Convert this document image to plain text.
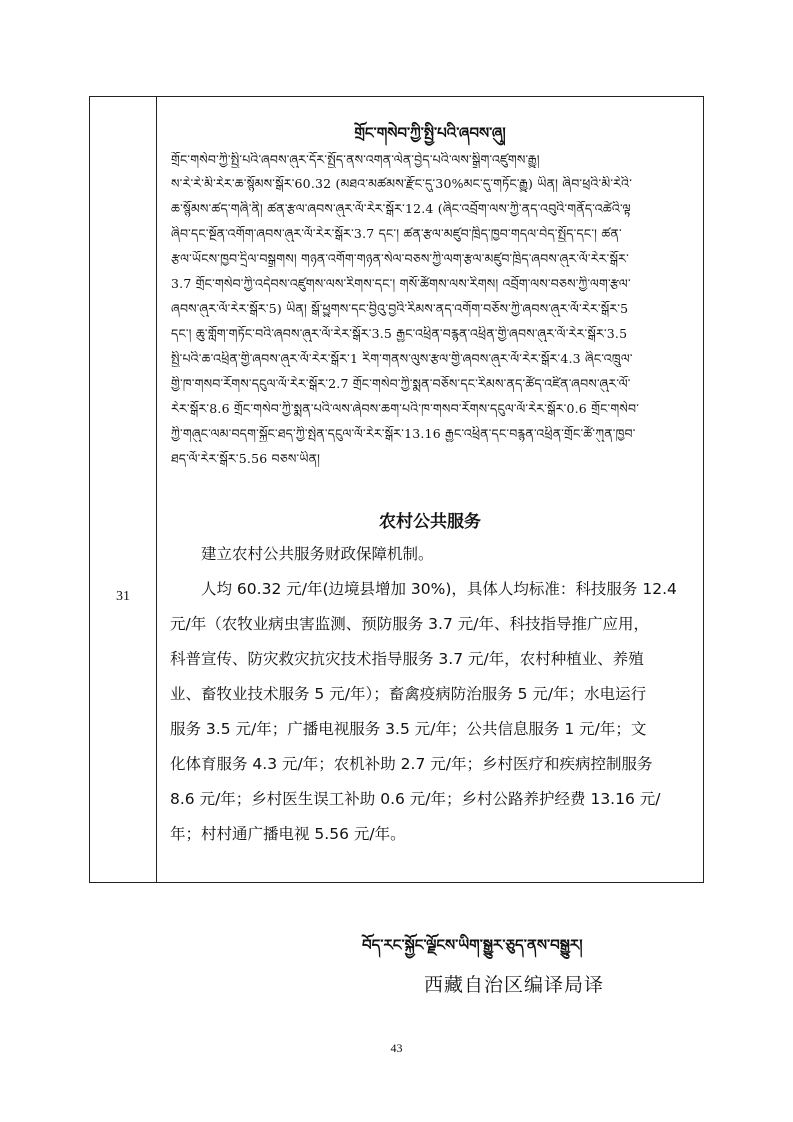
31
གྲོང་གསེབ་ཀྱི་སྤྱི་པའི་ཞབས་ཞུ།
གྲོང་གསེབ་ཀྱི་སྤྱི་པའི་ཞབས་ཞུར་དོར་སྤྱོད་ནས་འགན་ལེན་བྱེད་པའི་ལས་སྒྲིག་འཛུགས་རྒྱུ།
ས་རེ་རེ་མི་རེར་ཆ་སྙོམས་སྒོར་60.32 (མཐའ་མཚམས་རྫོང་དུ་30%མང་དུ་གཏོང་རྒྱུ) ཡིན། ཞིབ་ཕྲའི་མི་རེའི་
ཆ་སྙོམས་ཚད་གཞི་ནི། ཚན་རྩལ་ཞབས་ཞུར་ལོ་རེར་སྒོར་12.4 (ཞིང་འབྲོག་ལས་ཀྱི་ནད་འབུའི་གནོད་འཚེའི་ལྟ
ཞིབ་དང་སྔོན་འགོག་ཞབས་ཞུར་ལོ་རེར་སྒོར་3.7 དང་། ཚན་རྩལ་མཛུབ་ཁྲིད་ཁྱབ་གདལ་བེད་སྤྱོད་དང་། ཚན་
རྩལ་ཡོངས་ཁྱབ་དྲིལ་བསྒྲགས། གཉན་འགོག་གཉན་སེལ་བཅས་ཀྱི་ལག་རྩལ་མཛུབ་ཁྲིད་ཞབས་ཞུར་ལོ་རེར་སྒོར་
3.7 གྲོང་གསེབ་ཀྱི་འདེབས་འཛུགས་ལས་རིགས་དང་། གསོ་ཚོགས་ལས་རིགས། འབྲོག་ལས་བཅས་ཀྱི་ལག་རྩལ་
ཞབས་ཞུར་ལོ་རེར་སྒོར་5) ཡིན། སྒོ་ཕྱུགས་དང་བྱིའུ་བྱའི་རིམས་ནད་འགོག་བཅོས་ཀྱི་ཞབས་ཞུར་ལོ་རེར་སྒོར་5
དང་། ཆུ་གློག་གཏོང་བའི་ཞབས་ཞུར་ལོ་རེར་སྒོར་3.5 རྒྱང་འཕྲིན་བརྙན་འཕྲིན་གྱི་ཞབས་ཞུར་ལོ་རེར་སྒོར་3.5
སྤྱི་པའི་ཆ་འཕྲིན་གྱི་ཞབས་ཞུར་ལོ་རེར་སྒོར་1 རིག་གནས་ལུས་རྩལ་གྱི་ཞབས་ཞུར་ལོ་རེར་སྒོར་4.3 ཞིང་འཁྲུལ་
གྱི་ཁ་གསབ་རོགས་དངུལ་ལོ་རེར་སྒོར་2.7 གྲོང་གསེབ་ཀྱི་སྨན་བཅོས་དང་རིམས་ནད་ཚོད་འཛིན་ཞབས་ཞུར་ལོ་
རེར་སྒོར་8.6 གྲོང་གསེབ་ཀྱི་སྨན་པའི་ལས་ཞེབས་ཆག་པའི་ཁ་གསབ་རོགས་དངུལ་ལོ་རེར་སྒོར་0.6 གྲོང་གསེབ་
ཀྱི་གཞུང་ལམ་བདག་སྐྱོང་ཐད་ཀྱི་སྤེན་དངུལ་ལོ་རེར་སྒོར་13.16 རྒྱང་འཕྲིན་དང་བརྙན་འཕྲིན་གྲོང་ཚོ་ཀུན་ཁྱབ་
ཐད་ལོ་རེར་སྒོར་5.56 བཅས་ཡིན།
农村公共服务
建立农村公共服务财政保障机制。
人均 60.32 元/年(边境县增加 30%)，具体人均标准：科技服务 12.4
元/年（农牧业病虫害监测、预防服务 3.7 元/年、科技指导推广应用，
科普宣传、防灾救灾抗灾技术指导服务 3.7 元/年，农村种植业、养殖
业、畜牧业技术服务 5 元/年）；畜禽疫病防治服务 5 元/年；水电运行
服务 3.5 元/年；广播电视服务 3.5 元/年；公共信息服务 1 元/年；文
化体育服务 4.3 元/年；农机补助 2.7 元/年；乡村医疗和疾病控制服务
8.6 元/年；乡村医生误工补助 0.6 元/年；乡村公路养护经费 13.16 元/
年；村村通广播电视 5.56 元/年。
བོད་རང་སྐྱོང་ལྗོངས་ཡིག་སྒྱུར་ཅུད་ནས་བསྒྱུར།
西藏自治区编译局译
43
